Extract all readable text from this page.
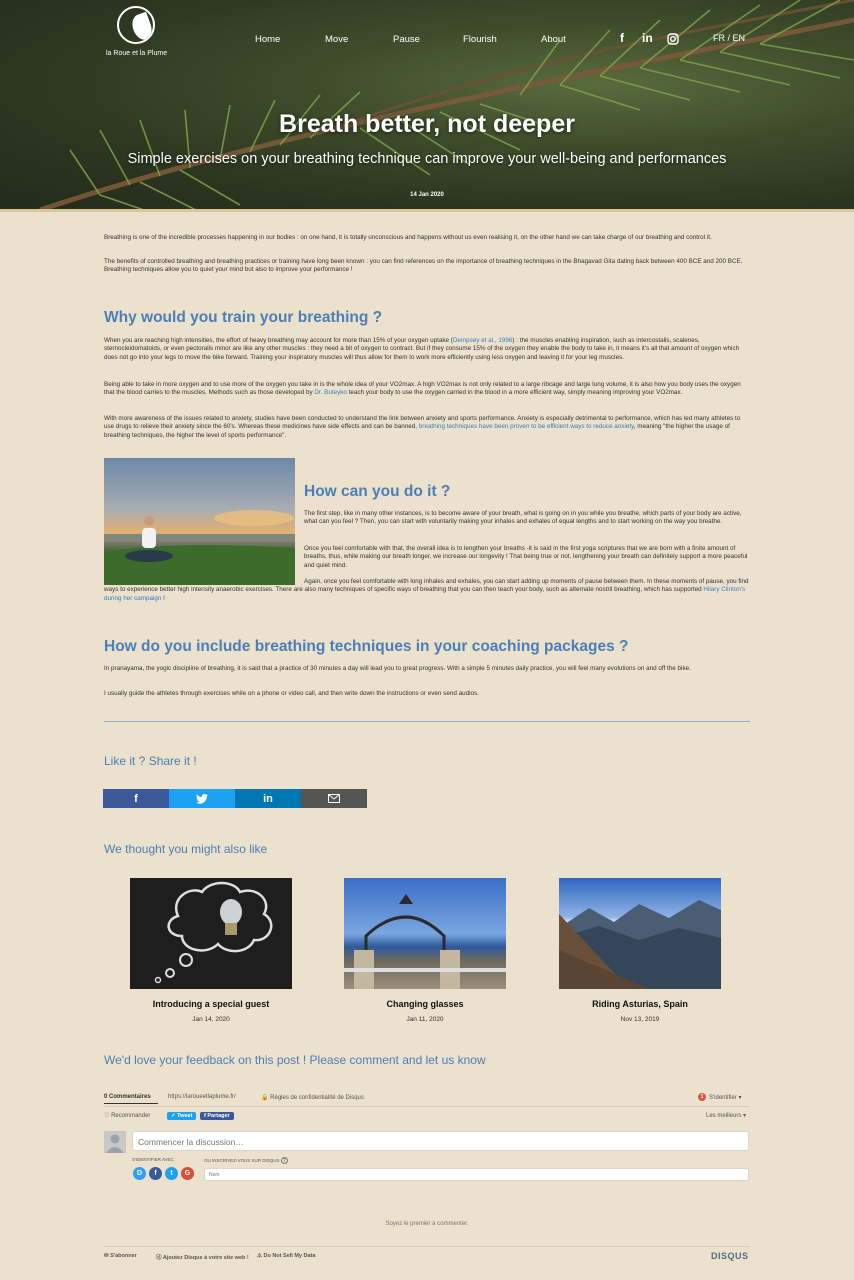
la Roue et la Plume
Home	Move	Pause	Flourish	About	f in	FR / EN
Breath better, not deeper
Simple exercises on your breathing technique can improve your well-being and performances
14 Jan 2020
Breathing is one of the incredible processes happening in our bodies : on one hand, it is totally unconscious and happens without us even realising it, on the other hand we can take charge of our breathing and control it.
The benefits of controlled breathing and breathing practices or training have long been known : you can find references on the importance of breathing techniques in the Bhagavad Gita dating back between 400 BCE and 200 BCE. Breathing techniques allow you to quiet your mind but also to improve your performance !
Why would you train your breathing ?
When you are reaching high intensities, the effort of heavy breathing may account for more than 15% of your oxygen uptake (Dempsey et al., 1996) : the muscles enabling inspiration, such as intercostalis, scalenes, sternocleidomatoids, or even pectoralis minor are like any other muscles : they need a bit of oxygen to contract. But if they consume 15% of the oxygen they enable the body to take in, it means it's all that amount of oxygen which does not go into your legs to move the bike forward. Training your inspiratory muscles will thus allow for them to work more efficiently using less oxygen and leaving it for your leg muscles.
Being able to take in more oxygen and to use more of the oxygen you take in is the whole idea of your VO2max. A high VO2max is not only related to a large ribcage and large lung volume, it is also how you body uses the oxygen that the blood carries to the muscles. Methods such as those developed by Dr. Buteyko teach your body to use the oxygen carried in the blood in a more efficient way, simply meaning improving your VO2max.
With more awareness of the issues related to anxiety, studies have been conducted to understand the link between anxiety and sports performance. Anxiety is especially detrimental to performance, which has led many athletes to use drugs to relieve their anxiety since the 60's. Whereas these medicines have side effects and can be banned, breathing techniques have been proven to be efficient ways to reduce anxiety, meaning "the higher the usage of breathing techniques, the higher the level of sports performance".
How can you do it ?
The first step, like in many other instances, is to become aware of your breath, what is going on in you while you breathe, which parts of your body are active, what can you feel ? Then, you can start with voluntarily making your inhales and exhales of equal lengths and to start working on the way you breathe.
Once you feel comfortable with that, the overall idea is to lengthen your breaths -it is said in the first yoga scriptures that we are born with a finite amount of breaths, thus, while making our breath longer, we increase our longevity ! That being true or not, lengthening your breath can definitely support a more peaceful and quiet mind.
Again, once you feel comfortable with long inhales and exhales, you can start adding up moments of pause between them. In these moments of pause, you find ways to experience better high intensity anaerobic exercises. There are also many techniques of specific ways of breathing that you can then teach your body, such as alternate nostril breathing, which has supported Hilary Clinton's during her campaign !
How do you include breathing techniques in your coaching packages ?
In pranayama, the yogic discipline of breathing, it is said that a practice of 30 minutes a day will lead you to great progress. With a simple 5 minutes daily practice, you will feel many evolutions on and off the bike.
I usually guide the athletes through exercises while on a phone or video call, and then write down the instructions or even send audios.
Like it ? Share it !
f	in
We thought you might also like
Introducing a special guest
Jan 14, 2020
Changing glasses
Jan 11, 2020
Riding Asturias, Spain
Nov 13, 2019
We'd love your feedback on this post ! Please comment and let us know
0 Commentaires	https://laroueetlaplume.fr/	🔒 Règles de confidentialité de Disqus	1 S'identifier ▾
♡ Recommander	✓ Tweet	f Partager	Les meilleurs ▾
Commencer la discussion…
S'IDENTIFIER AVEC
D	f	t	G
OU INSCRIVEZ-VOUS SUR DISQUS ?
Nom
Soyez le premier à commenter.
✉ S'abonner	ⓓ Ajoutez Disqus à votre site web ! ⚠ Do Not Sell My Data	DISQUS
